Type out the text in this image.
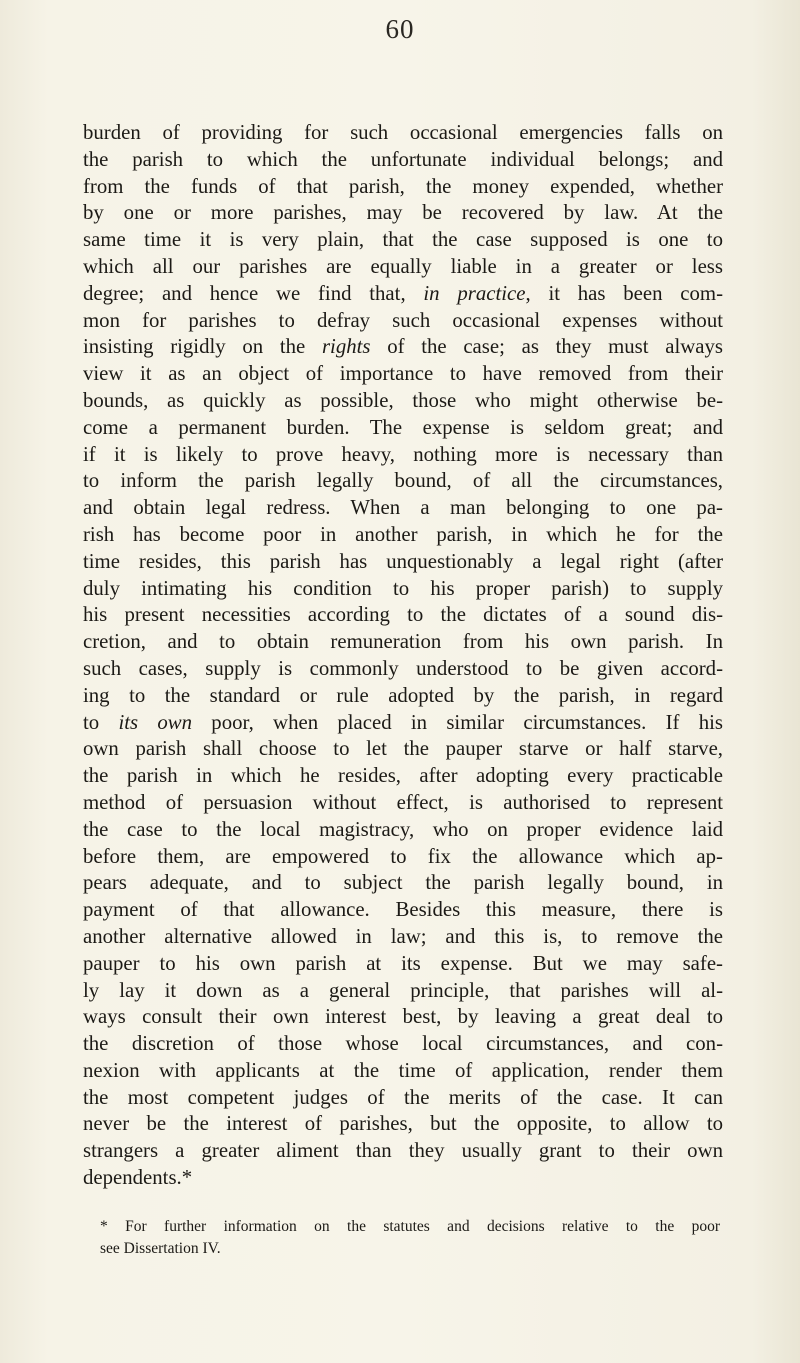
60
burden of providing for such occasional emergencies falls on
the parish to which the unfortunate individual belongs; and
from the funds of that parish, the money expended, whether
by one or more parishes, may be recovered by law. At the
same time it is very plain, that the case supposed is one to
which all our parishes are equally liable in a greater or less
degree; and hence we find that, in practice, it has been com-
mon for parishes to defray such occasional expenses without
insisting rigidly on the rights of the case; as they must always
view it as an object of importance to have removed from their
bounds, as quickly as possible, those who might otherwise be-
come a permanent burden. The expense is seldom great; and
if it is likely to prove heavy, nothing more is necessary than
to inform the parish legally bound, of all the circumstances,
and obtain legal redress. When a man belonging to one pa-
rish has become poor in another parish, in which he for the
time resides, this parish has unquestionably a legal right (after
duly intimating his condition to his proper parish) to supply
his present necessities according to the dictates of a sound dis-
cretion, and to obtain remuneration from his own parish. In
such cases, supply is commonly understood to be given accord-
ing to the standard or rule adopted by the parish, in regard
to its own poor, when placed in similar circumstances. If his
own parish shall choose to let the pauper starve or half starve,
the parish in which he resides, after adopting every practicable
method of persuasion without effect, is authorised to represent
the case to the local magistracy, who on proper evidence laid
before them, are empowered to fix the allowance which ap-
pears adequate, and to subject the parish legally bound, in
payment of that allowance. Besides this measure, there is
another alternative allowed in law; and this is, to remove the
pauper to his own parish at its expense. But we may safe-
ly lay it down as a general principle, that parishes will al-
ways consult their own interest best, by leaving a great deal to
the discretion of those whose local circumstances, and con-
nexion with applicants at the time of application, render them
the most competent judges of the merits of the case. It can
never be the interest of parishes, but the opposite, to allow to
strangers a greater aliment than they usually grant to their own
dependents.*
* For further information on the statutes and decisions relative to the poor
see Dissertation IV.
